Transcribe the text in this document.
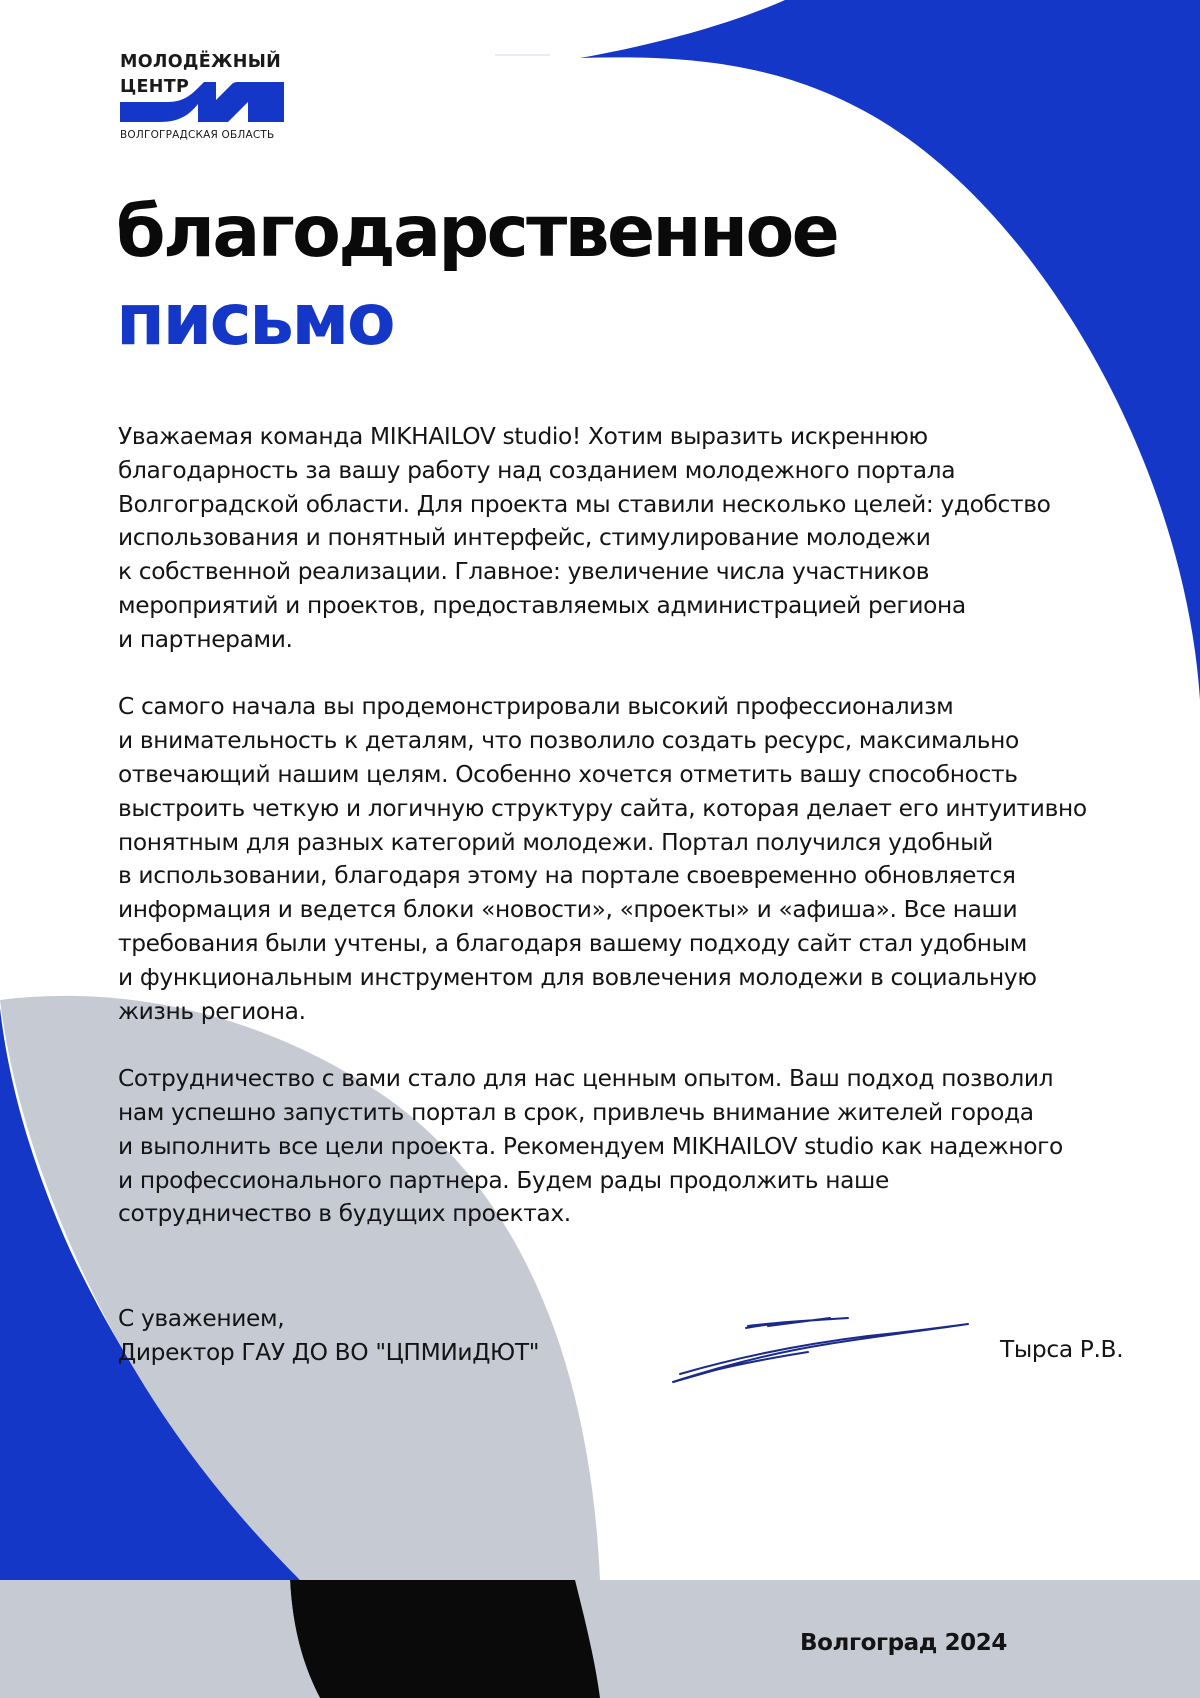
МОЛОДЁЖНЫЙ
ЦЕНТР
ВОЛГОГРАДСКАЯ ОБЛАСТЬ
благодарственное
письмо

Уважаемая команда MIKHAILOV studio! Хотим выразить искреннюю
благодарность за вашу работу над созданием молодежного портала
Волгоградской области. Для проекта мы ставили несколько целей: удобство
использования и понятный интерфейс, стимулирование молодежи
к собственной реализации. Главное: увеличение числа участников
мероприятий и проектов, предоставляемых администрацией региона
и партнерами.

С самого начала вы продемонстрировали высокий профессионализм
и внимательность к деталям, что позволило создать ресурс, максимально
отвечающий нашим целям. Особенно хочется отметить вашу способность
выстроить четкую и логичную структуру сайта, которая делает его интуитивно
понятным для разных категорий молодежи. Портал получился удобный
в использовании, благодаря этому на портале своевременно обновляется
информация и ведется блоки «новости», «проекты» и «афиша». Все наши
требования были учтены, а благодаря вашему подходу сайт стал удобным
и функциональным инструментом для вовлечения молодежи в социальную
жизнь региона.

Сотрудничество с вами стало для нас ценным опытом. Ваш подход позволил
нам успешно запустить портал в срок, привлечь внимание жителей города
и выполнить все цели проекта. Рекомендуем MIKHAILOV studio как надежного
и профессионального партнера. Будем рады продолжить наше
сотрудничество в будущих проектах.

С уважением,
Директор ГАУ ДО ВО "ЦПМИиДЮТ"	Тырса Р.В.
Волгоград 2024
